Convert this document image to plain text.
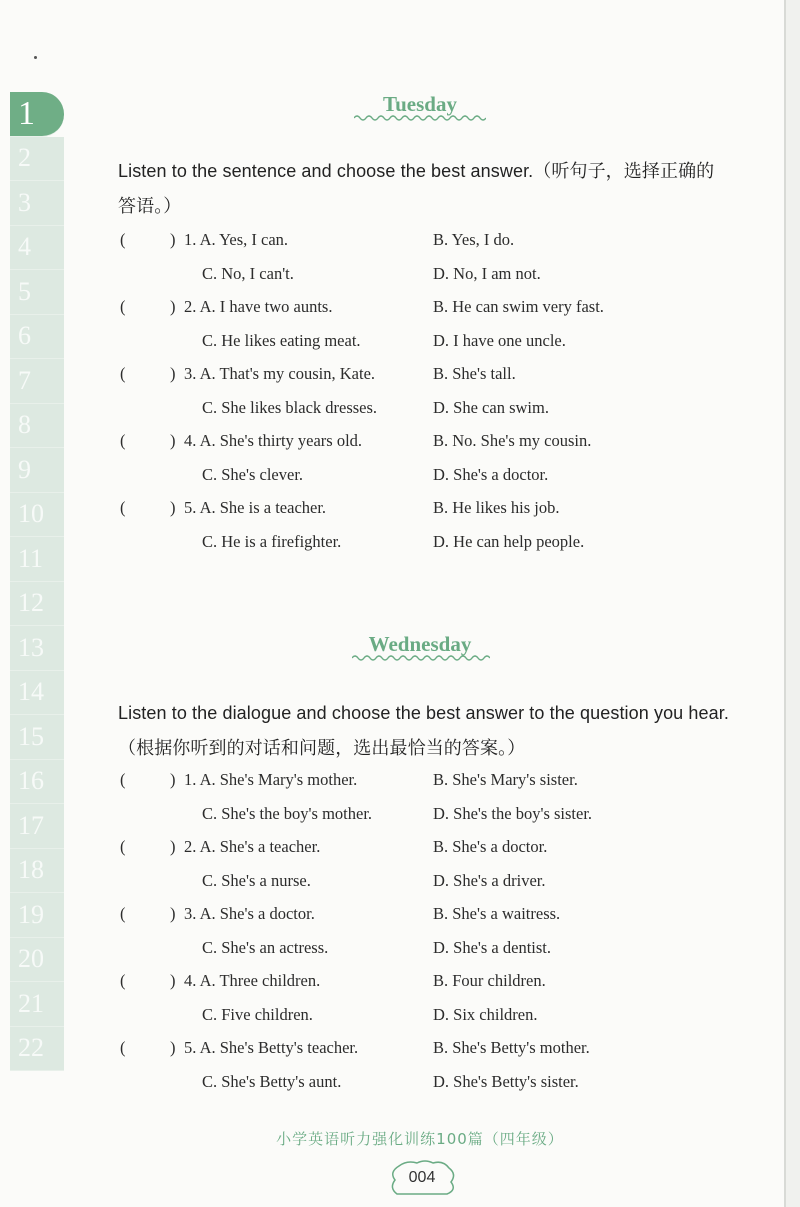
1
2
3
4
5
6
7
8
9
10
11
12
13
14
15
16
17
18
19
20
21
22
Tuesday
Listen to the sentence and choose the best answer.（听句子，选择正确的答语。）
(	) 1. A. Yes, I can.	B. Yes, I do.
C. No, I can't.	D. No, I am not.
(	) 2. A. I have two aunts.	B. He can swim very fast.
C. He likes eating meat.	D. I have one uncle.
(	) 3. A. That's my cousin, Kate.	B. She's tall.
C. She likes black dresses.	D. She can swim.
(	) 4. A. She's thirty years old.	B. No. She's my cousin.
C. She's clever.	D. She's a doctor.
(	) 5. A. She is a teacher.	B. He likes his job.
C. He is a firefighter.	D. He can help people.
Wednesday
Listen to the dialogue and choose the best answer to the question you hear.（根据你听到的对话和问题，选出最恰当的答案。）
(	) 1. A. She's Mary's mother.	B. She's Mary's sister.
C. She's the boy's mother.	D. She's the boy's sister.
(	) 2. A. She's a teacher.	B. She's a doctor.
C. She's a nurse.	D. She's a driver.
(	) 3. A. She's a doctor.	B. She's a waitress.
C. She's an actress.	D. She's a dentist.
(	) 4. A. Three children.	B. Four children.
C. Five children.	D. Six children.
(	) 5. A. She's Betty's teacher.	B. She's Betty's mother.
C. She's Betty's aunt.	D. She's Betty's sister.
小学英语听力强化训练100篇（四年级）
004
